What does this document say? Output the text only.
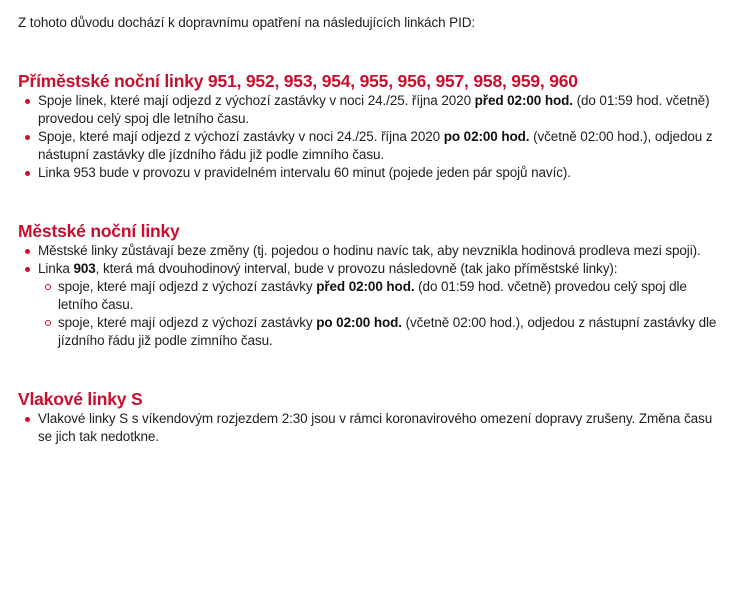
Z tohoto důvodu dochází k dopravnímu opatření na následujících linkách PID:

Příměstské noční linky 951, 952, 953, 954, 955, 956, 957, 958, 959, 960
Spoje linek, které mají odjezd z výchozí zastávky v noci 24./25. října 2020 před 02:00 hod. (do 01:59 hod. včetně) provedou celý spoj dle letního času.
Spoje, které mají odjezd z výchozí zastávky v noci 24./25. října 2020 po 02:00 hod. (včetně 02:00 hod.), odjedou z nástupní zastávky dle jízdního řádu již podle zimního času.
Linka 953 bude v provozu v pravidelném intervalu 60 minut (pojede jeden pár spojů navíc).
Městské noční linky
Městské linky zůstávají beze změny (tj. pojedou o hodinu navíc tak, aby nevznikla hodinová prodleva mezi spoji).
Linka 903, která má dvouhodinový interval, bude v provozu následovně (tak jako příměstské linky):
spoje, které mají odjezd z výchozí zastávky před 02:00 hod. (do 01:59 hod. včetně) provedou celý spoj dle letního času.
spoje, které mají odjezd z výchozí zastávky po 02:00 hod. (včetně 02:00 hod.), odjedou z nástupní zastávky dle jízdního řádu již podle zimního času.
Vlakové linky S
Vlakové linky S s víkendovým rozjezdem 2:30 jsou v rámci koronavirového omezení dopravy zrušeny. Změna času se jich tak nedotkne.
